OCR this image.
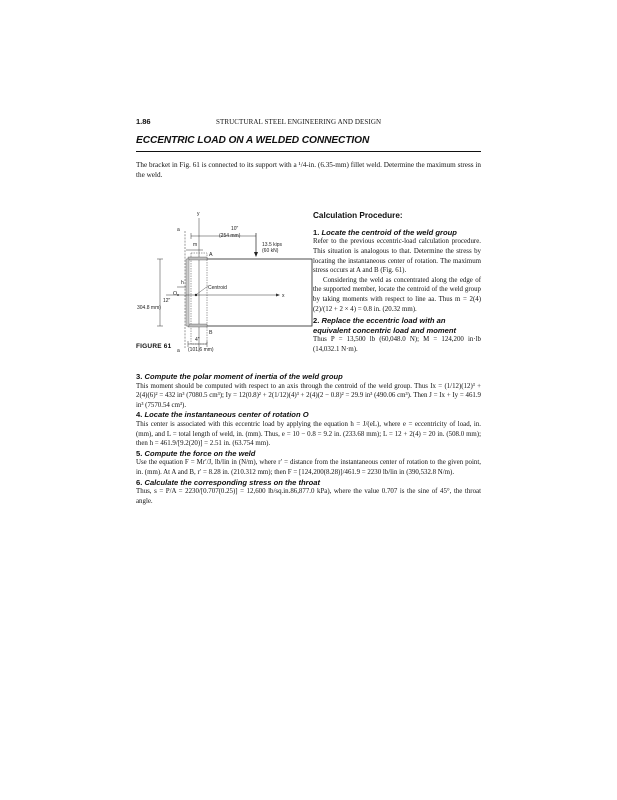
1.86	STRUCTURAL STEEL ENGINEERING AND DESIGN
ECCENTRIC LOAD ON A WELDED CONNECTION

The bracket in Fig. 61 is connected to its support with a ¹/4-in. (6.35-mm) fillet weld. Determine the maximum stress in the weld.

y
a
a
10"
(254 mm)
13.5 kips
(60 kN)
m
A
B
h
Centroid
x
O
12"
304.8 mm)
4"
(101.6 mm)
FIGURE 61
Calculation Procedure:
1. Locate the centroid of the weld group

Refer to the previous eccentric-load calculation procedure. This situation is analogous to that. Determine the stress by locating the instantaneous center of rotation. The maximum stress occurs at A and B (Fig. 61).

Considering the weld as concentrated along the edge of the supported member, locate the centroid of the weld group by taking moments with respect to line aa. Thus m = 2(4)(2)/(12 + 2 × 4) = 0.8 in. (20.32 mm).

2. Replace the eccentric load with an equivalent concentric load and moment

Thus P = 13,500 lb (60,048.0 N); M = 124,200 in·lb (14,032.1 N·m).

3. Compute the polar moment of inertia of the weld group

This moment should be computed with respect to an axis through the centroid of the weld group. Thus Ix = (1/12)(12)³ + 2(4)(6)² = 432 in³ (7080.5 cm³); Iy = 12(0.8)² + 2(1/12)(4)³ + 2(4)(2 − 0.8)² = 29.9 in³ (490.06 cm³). Then J = Ix + Iy = 461.9 in³ (7570.54 cm³).

4. Locate the instantaneous center of rotation O

This center is associated with this eccentric load by applying the equation h = J/(eL), where e = eccentricity of load, in. (mm), and L = total length of weld, in. (mm). Thus, e = 10 − 0.8 = 9.2 in. (233.68 mm); L = 12 + 2(4) = 20 in. (508.0 mm); then h = 461.9/[9.2(20)] = 2.51 in. (63.754 mm).

5. Compute the force on the weld

Use the equation F = Mr′/J, lb/lin in (N/m), where r′ = distance from the instantaneous center of rotation to the given point, in. (mm). At A and B, r′ = 8.28 in. (210.312 mm); then F = [124,200(8.28)]/461.9 = 2230 lb/lin in (390,532.8 N/m).

6. Calculate the corresponding stress on the throat

Thus, s = P/A = 2230/[0.707(0.25)] = 12,600 lb/sq.in.86,877.0 kPa), where the value 0.707 is the sine of 45°, the throat angle.
